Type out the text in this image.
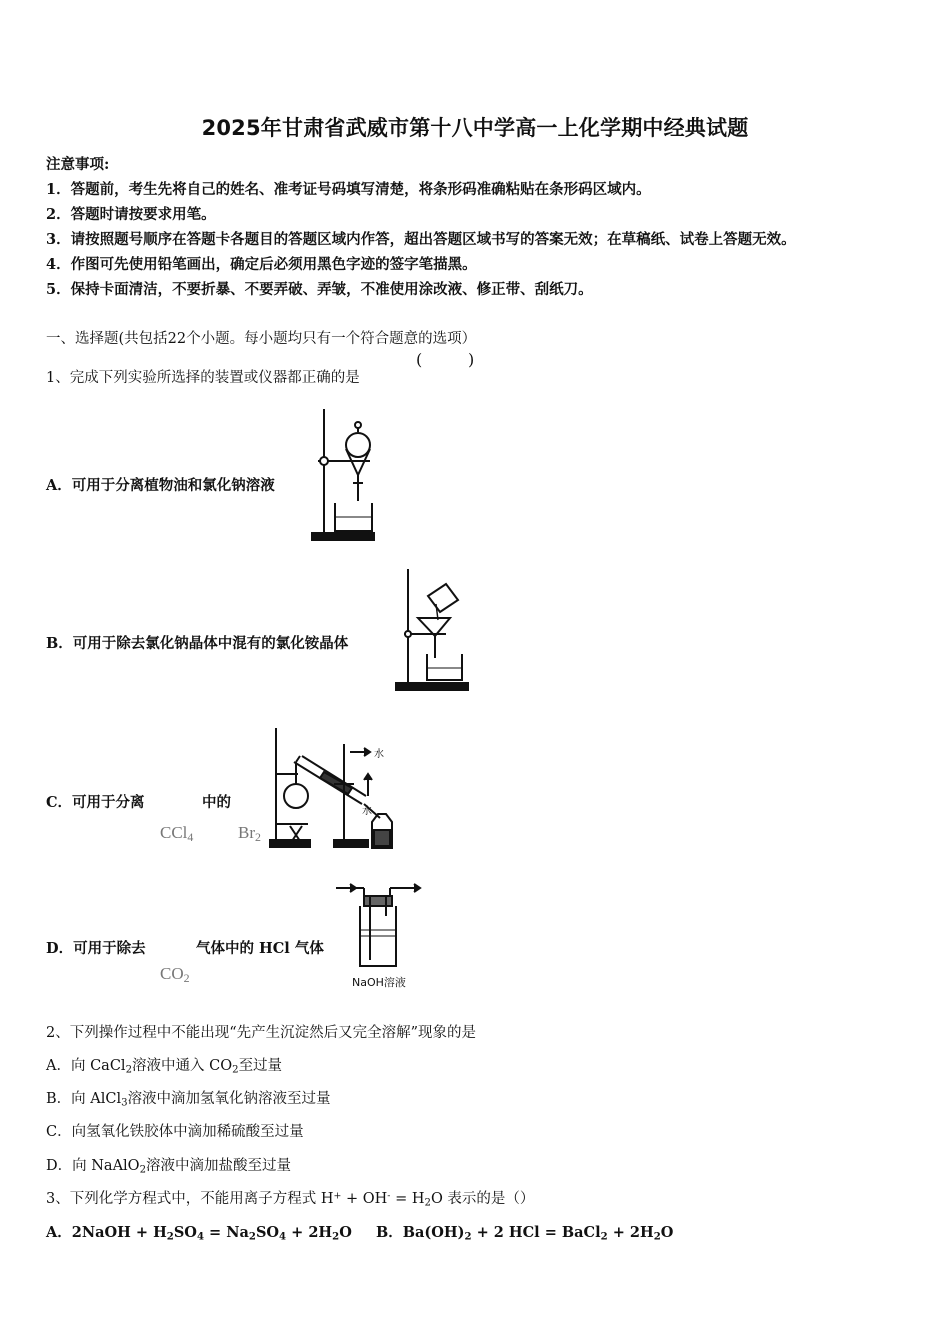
2025年甘肃省武威市第十八中学高一上化学期中经典试题
注意事项:
1．答题前，考生先将自己的姓名、准考证号码填写清楚，将条形码准确粘贴在条形码区域内。
2．答题时请按要求用笔。
3．请按照题号顺序在答题卡各题目的答题区域内作答，超出答题区域书写的答案无效；在草稿纸、试卷上答题无效。
4．作图可先使用铅笔画出，确定后必须用黑色字迹的签字笔描黑。
5．保持卡面清洁，不要折暴、不要弄破、弄皱，不准使用涂改液、修正带、刮纸刀。
一、选择题(共包括22个小题。每小题均只有一个符合题意的选项）
1、完成下列实验所选择的装置或仪器都正确的是
(	)
A．可用于分离植物油和氯化钠溶液
B．可用于除去氯化钠晶体中混有的氯化铵晶体
C．可用于分离	中的
CCl$_4$	$Br_2$
水
水
D．可用于除去	气体中的 HCl 气体
$CO_2$	NaOH溶液
2、下列操作过程中不能出现“先产生沉淀然后又完全溶解”现象的是
A．向 CaCl$_2$溶液中通入 $CO_2$至过量
B．向 AlCl$_3$溶液中滴加氢氧化钠溶液至过量
C．向氢氧化铁胶体中滴加稀硫酸至过量
D．向 NaAlO$_2$溶液中滴加盐酸至过量
3、下列化学方程式中，不能用离子方程式 $H^+ + OH^- = H_2O$ 表示的是（）
A．2NaOH + $H_2SO_4 = Na_2SO_4 + 2H_2O$ B．$Ba(OH)_2 + 2$ HCl = BaCl$_2$ + $2H_2O$
